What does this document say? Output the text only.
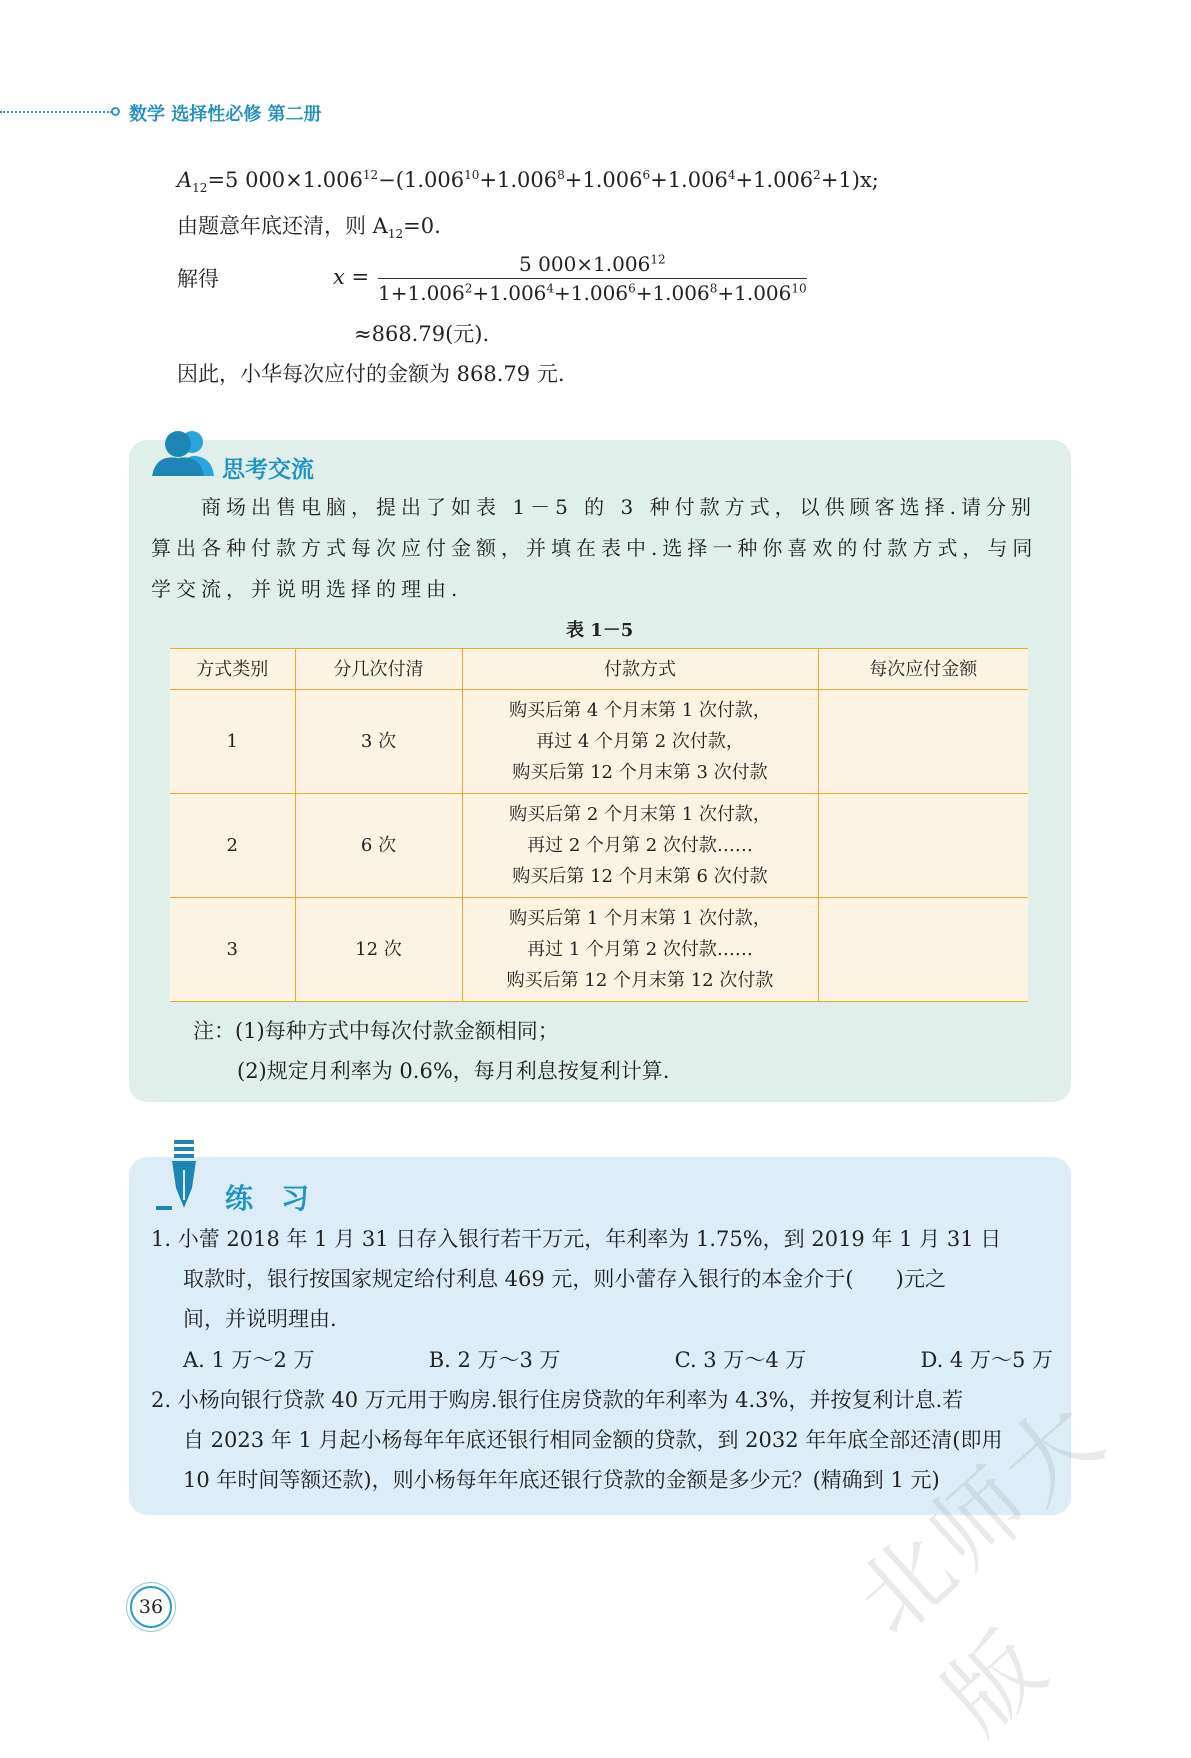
数学 选择性必修 第二册
$A_{12}=5$ $000\times 1.006^{12}-(1.006^{10}+1.006^8+1.006^6+1.006^4+1.006^2+1)x$;
由题意年底还清，则 $A_{12}=0$.
解得	$x = \frac{5 000\times 1.006^{12}}{1+1.006^2+1.006^4+1.006^6+1.006^8+1.006^{10}}$
≈868.79(元).
因此，小华每次应付的金额为 868.79 元.
思考交流
　　商场出售电脑，提出了如表 1－5 的 3 种付款方式，以供顾客选择.请分别算出各种付款方式每次应付金额，并填在表中.选择一种你喜欢的付款方式，与同学交流，并说明选择的理由.
表 1－5
方式类别	分几次付清	付款方式	每次应付金额
1	3 次	购买后第 4 个月末第 1 次付款，
再过 4 个月第 2 次付款，
购买后第 12 个月末第 3 次付款	

2	6 次	购买后第 2 个月末第 1 次付款，
再过 2 个月第 2 次付款……
购买后第 12 个月末第 6 次付款	

3	12 次	购买后第 1 个月末第 1 次付款，
再过 1 个月第 2 次付款……
购买后第 12 个月末第 12 次付款	

注：(1)每种方式中每次付款金额相同；
(2)规定月利率为 0.6%，每月利息按复利计算.
练　习
1. 小蕾 2018 年 1 月 31 日存入银行若干万元，年利率为 1.75%，到 2019 年 1 月 31 日
取款时，银行按国家规定给付利息 469 元，则小蕾存入银行的本金介于(　　)元之
间，并说明理由.
A. 1 万～2 万	B. 2 万～3 万	C. 3 万～4 万	D. 4 万～5 万
2. 小杨向银行贷款 40 万元用于购房.银行住房贷款的年利率为 4.3%，并按复利计息.若
自 2023 年 1 月起小杨每年年底还银行相同金额的贷款，到 2032 年年底全部还清(即用
10 年时间等额还款)，则小杨每年年底还银行贷款的金额是多少元？(精确到 1 元)
北师大版
36
